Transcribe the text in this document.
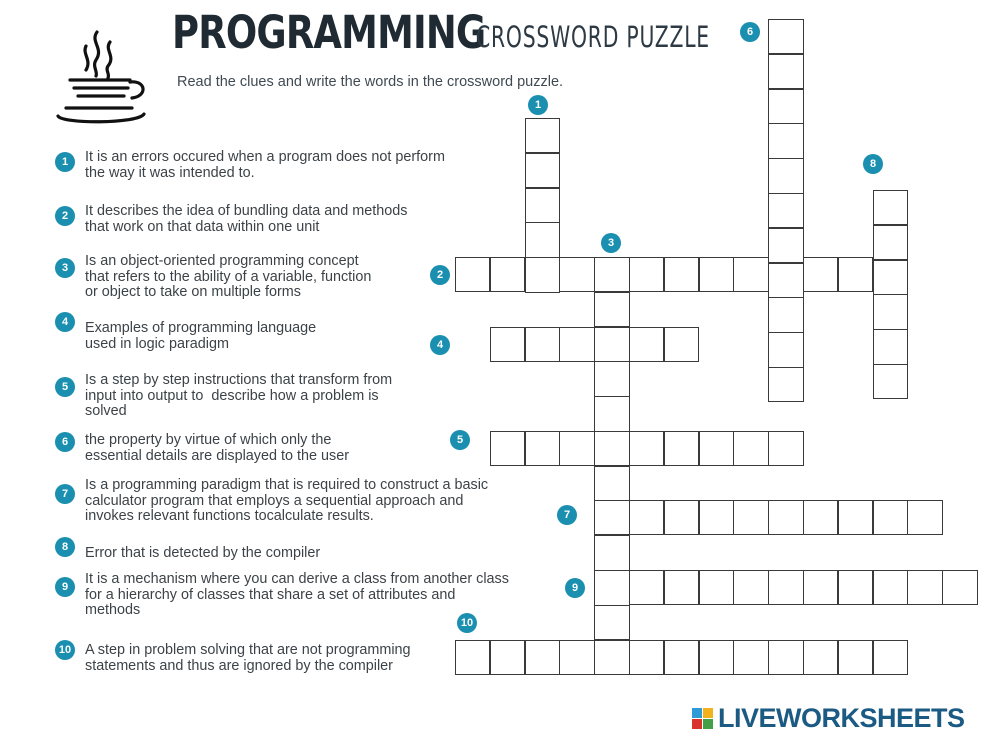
PROGRAMMING
CROSSWORD PUZZLE
Read the clues and write the words in the crossword puzzle.
1	It is an errors occured when a program does not perform
the way it was intended to.
2	It describes the idea of bundling data and methods
that work on that data within one unit
3	Is an object-oriented programming concept
that refers to the ability of a variable, function
or object to take on multiple forms
4	Examples of programming language
used in logic paradigm
5	Is a step by step instructions that transform from
input into output to  describe how a problem is
solved
6	the property by virtue of which only the
essential details are displayed to the user
7
Is a programming paradigm that is required to construct a basic
calculator program that employs a sequential approach and
invokes relevant functions tocalculate results.
8	Error that is detected by the compiler
9	It is a mechanism where you can derive a class from another class
for a hierarchy of classes that share a set of attributes and
methods
10 A step in problem solving that are not programming
statements and thus are ignored by the compiler
1
2
3
4
5
6
7
8
9
10
LIVEWORKSHEETS
